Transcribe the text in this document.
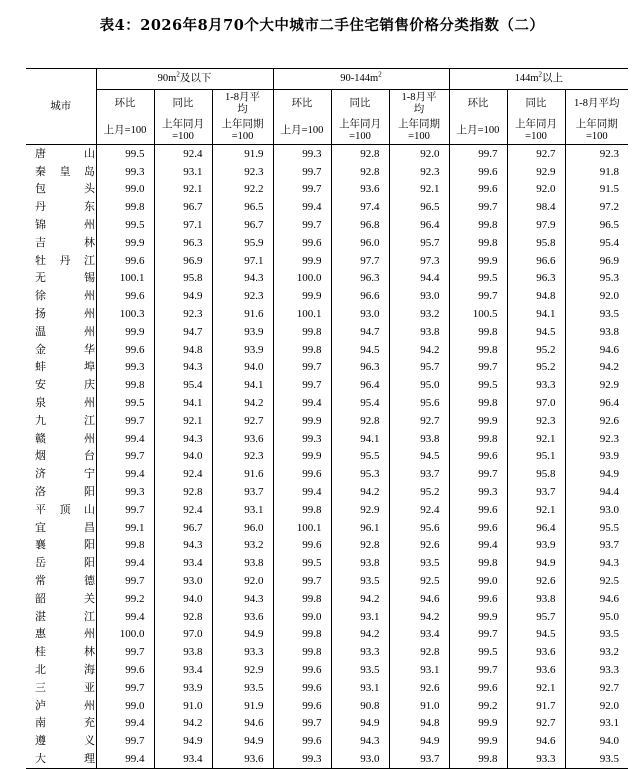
表4：2026年8月70个大中城市二手住宅销售价格分类指数（二）
城市	$90m^2$及以下			$90-144m^2$			$144m^2$以上		
	环比	同比	1-8月平均	环比	同比	1-8月平均	环比	同比	1-8月平均
	上月=100	上年同月=100	上年同期=100	上月=100	上年同月=100	上年同期=100	上月=100	上年同月=100	上年同期=100

唐 山	99.5	92.4	91.9	99.3	92.8	92.0	99.7	92.7	92.3

秦 皇 岛	99.3	93.1	92.3	99.7	92.8	92.3	99.6	92.9	91.8

包 头	99.0	92.1	92.2	99.7	93.6	92.1	99.6	92.0	91.5

丹 东	99.8	96.7	96.5	99.4	97.4	96.5	99.7	98.4	97.2

锦 州	99.5	97.1	96.7	99.7	96.8	96.4	99.8	97.9	96.5

吉 林	99.9	96.3	95.9	99.6	96.0	95.7	99.8	95.8	95.4

牡 丹 江	99.6	96.9	97.1	99.9	97.7	97.3	99.9	96.6	96.9

无 锡	100.1	95.8	94.3	100.0	96.3	94.4	99.5	96.3	95.3

徐 州	99.6	94.9	92.3	99.9	96.6	93.0	99.7	94.8	92.0

扬 州	100.3	92.3	91.6	100.1	93.0	93.2	100.5	94.1	93.5

温 州	99.9	94.7	93.9	99.8	94.7	93.8	99.8	94.5	93.8

金 华	99.6	94.8	93.9	99.8	94.5	94.2	99.8	95.2	94.6

蚌 埠	99.3	94.3	94.0	99.7	96.3	95.7	99.7	95.2	94.2

安 庆	99.8	95.4	94.1	99.7	96.4	95.0	99.5	93.3	92.9

泉 州	99.5	94.1	94.2	99.4	95.4	95.6	99.8	97.0	96.4

九 江	99.7	92.1	92.7	99.9	92.8	92.7	99.9	92.3	92.6

赣 州	99.4	94.3	93.6	99.3	94.1	93.8	99.8	92.1	92.3

烟 台	99.7	94.0	92.3	99.9	95.5	94.5	99.6	95.1	93.9

济 宁	99.4	92.4	91.6	99.6	95.3	93.7	99.7	95.8	94.9

洛 阳	99.3	92.8	93.7	99.4	94.2	95.2	99.3	93.7	94.4

平 顶 山	99.7	92.4	93.1	99.8	92.9	92.4	99.6	92.1	93.0

宜 昌	99.1	96.7	96.0	100.1	96.1	95.6	99.6	96.4	95.5

襄 阳	99.8	94.3	93.2	99.6	92.8	92.6	99.4	93.9	93.7

岳 阳	99.4	93.4	93.8	99.5	93.8	93.5	99.8	94.9	94.3

常 德	99.7	93.0	92.0	99.7	93.5	92.5	99.0	92.6	92.5

韶 关	99.2	94.0	94.3	99.8	94.2	94.6	99.6	93.8	94.6

湛 江	99.4	92.8	93.6	99.0	93.1	94.2	99.9	95.7	95.0

惠 州	100.0	97.0	94.9	99.8	94.2	93.4	99.7	94.5	93.5

桂 林	99.7	93.8	93.3	99.8	93.3	92.8	99.5	93.6	93.2

北 海	99.6	93.4	92.9	99.6	93.5	93.1	99.7	93.6	93.3

三 亚	99.7	93.9	93.5	99.6	93.1	92.6	99.6	92.1	92.7

泸 州	99.0	91.0	91.9	99.6	90.8	91.0	99.2	91.7	92.0

南 充	99.4	94.2	94.6	99.7	94.9	94.8	99.9	92.7	93.1

遵 义	99.7	94.9	94.9	99.6	94.3	94.9	99.9	94.6	94.0

大 理	99.4	93.4	93.6	99.3	93.0	93.7	99.8	93.3	93.5
